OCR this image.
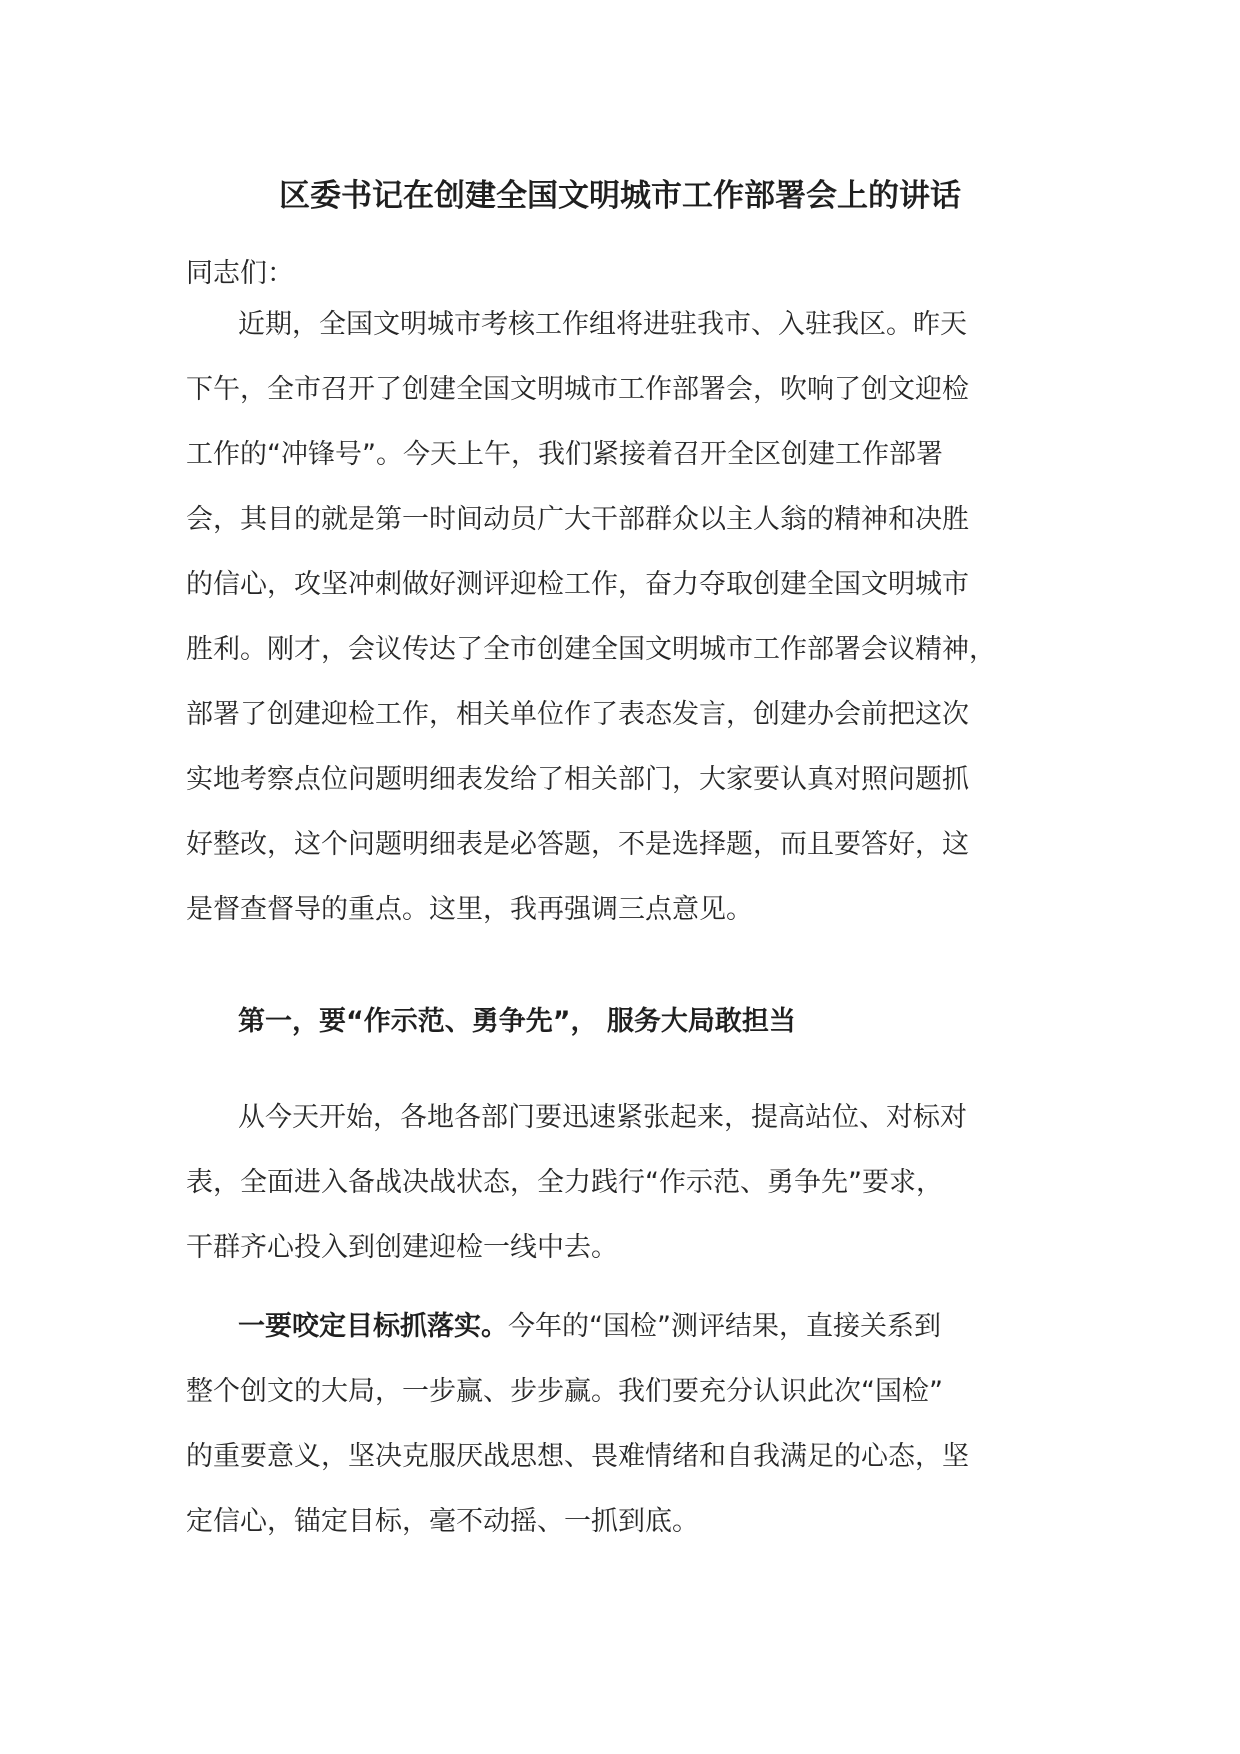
区委书记在创建全国文明城市工作部署会上的讲话

同志们：

近期，全国文明城市考核工作组将进驻我市、入驻我区。昨天
下午，全市召开了创建全国文明城市工作部署会，吹响了创文迎检
工作的“冲锋号”。今天上午，我们紧接着召开全区创建工作部署
会，其目的就是第一时间动员广大干部群众以主人翁的精神和决胜
的信心，攻坚冲刺做好测评迎检工作，奋力夺取创建全国文明城市
胜利。刚才，会议传达了全市创建全国文明城市工作部署会议精神，
部署了创建迎检工作，相关单位作了表态发言，创建办会前把这次
实地考察点位问题明细表发给了相关部门，大家要认真对照问题抓
好整改，这个问题明细表是必答题，不是选择题，而且要答好，这
是督查督导的重点。这里，我再强调三点意见。
第一，要“作示范、勇争先”， 服务大局敢担当
从今天开始，各地各部门要迅速紧张起来，提高站位、对标对
表，全面进入备战决战状态，全力践行“作示范、勇争先”要求，
干群齐心投入到创建迎检一线中去。
一要咬定目标抓落实。今年的“国检”测评结果，直接关系到
整个创文的大局，一步赢、步步赢。我们要充分认识此次“国检”
的重要意义，坚决克服厌战思想、畏难情绪和自我满足的心态，坚
定信心，锚定目标，毫不动摇、一抓到底。
